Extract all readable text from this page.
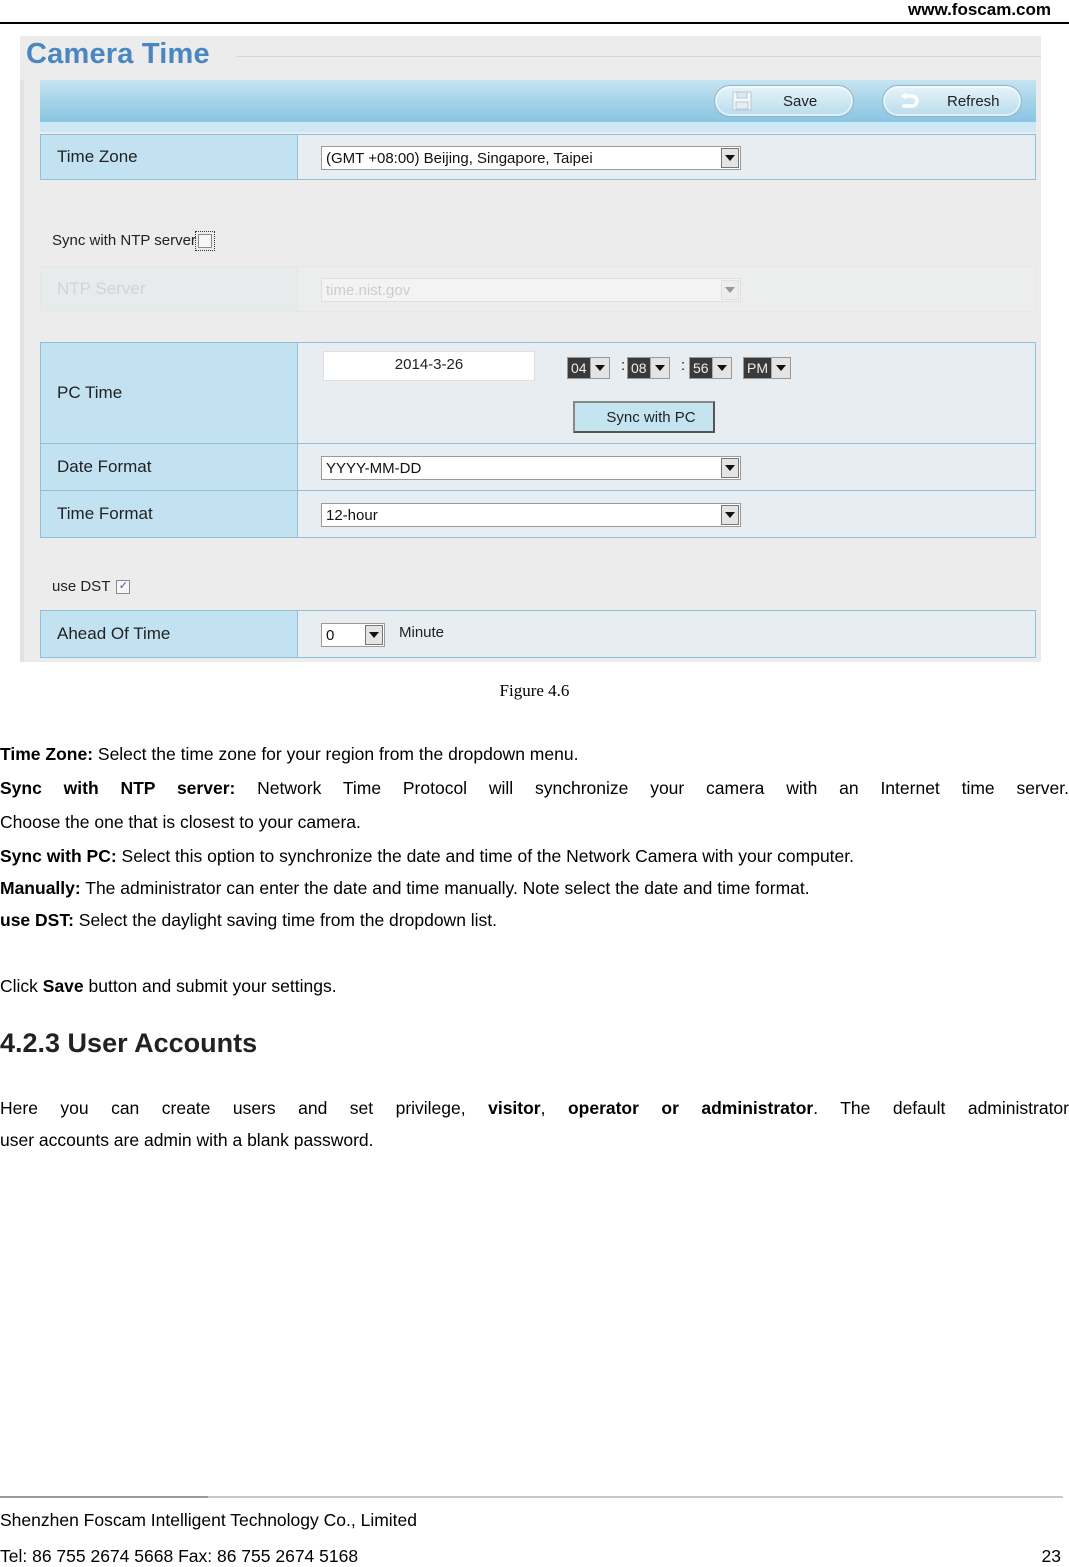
www.foscam.com
Camera Time
Save	Refresh
Time Zone	(GMT +08:00) Beijing, Singapore, Taipei
Sync with NTP server
NTP Server	time.nist.gov
PC Time
2014-3-26	04 : 08 : 56	PM
Sync with PC
Date Format	YYYY-MM-DD
Time Format	12-hour
use DST ✓
Ahead Of Time	0	Minute
Figure 4.6
Time Zone: Select the time zone for your region from the dropdown menu.
Sync with NTP server: Network Time Protocol will synchronize your camera with an Internet time server.
Choose the one that is closest to your camera.
Sync with PC: Select this option to synchronize the date and time of the Network Camera with your computer.
Manually: The administrator can enter the date and time manually. Note select the date and time format.
use DST: Select the daylight saving time from the dropdown list.
Click Save button and submit your settings.
4.2.3 User Accounts
Here you can create users and set privilege, visitor, operator or administrator. The default administrator
user accounts are admin with a blank password.
Shenzhen Foscam Intelligent Technology Co., Limited
Tel: 86 755 2674 5668 Fax: 86 755 2674 5168	23
